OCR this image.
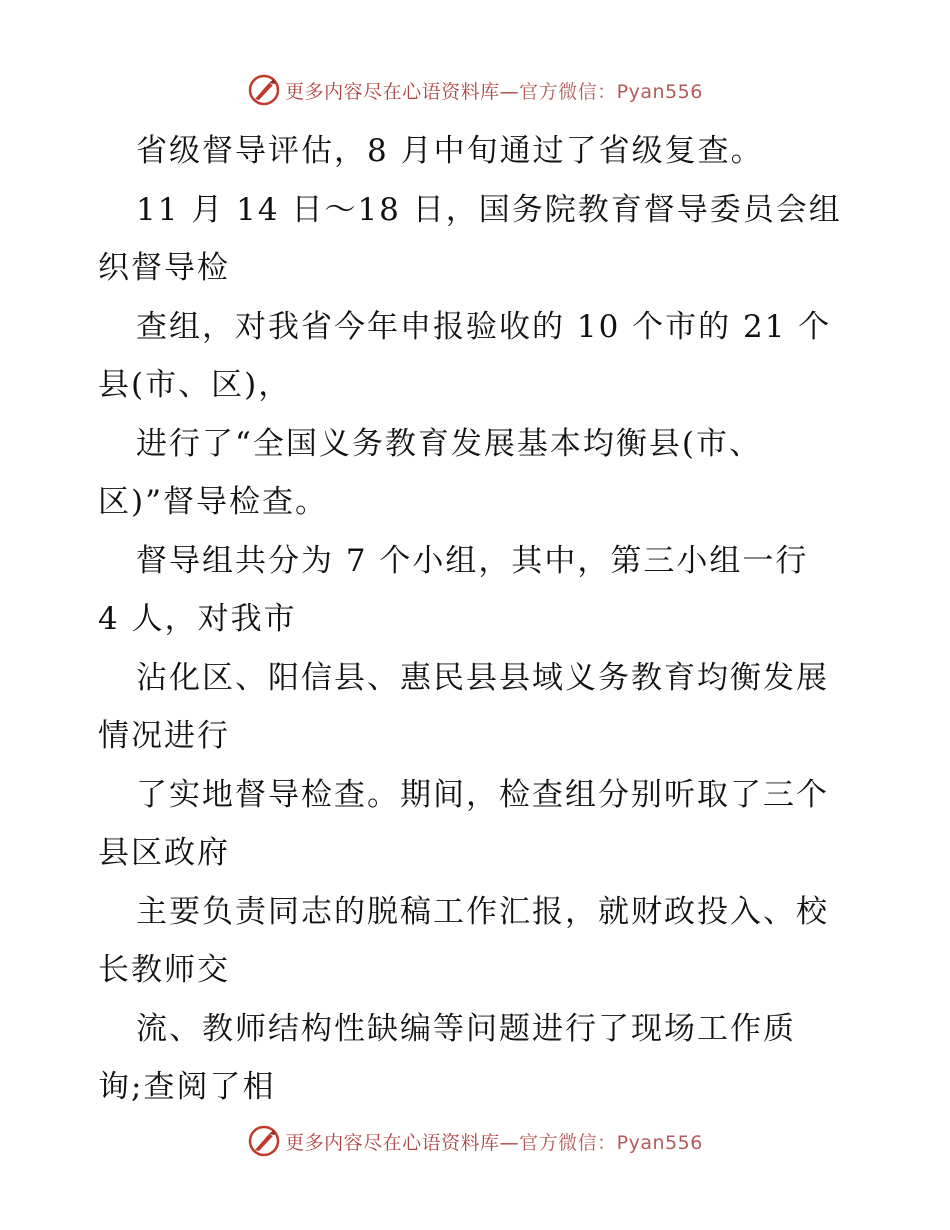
更多内容尽在心语资料库—官方微信：Pyan556
省级督导评估，8 月中旬通过了省级复查。
11 月 14 日～18 日，国务院教育督导委员会组
织督导检
查组，对我省今年申报验收的 10 个市的 21 个
县(市、区)，
进行了“全国义务教育发展基本均衡县(市、
区)”督导检查。
督导组共分为 7 个小组，其中，第三小组一行
4 人，对我市
沾化区、阳信县、惠民县县域义务教育均衡发展
情况进行
了实地督导检查。期间，检查组分别听取了三个
县区政府
主要负责同志的脱稿工作汇报，就财政投入、校
长教师交
流、教师结构性缺编等问题进行了现场工作质
询;查阅了相
更多内容尽在心语资料库—官方微信：Pyan556
